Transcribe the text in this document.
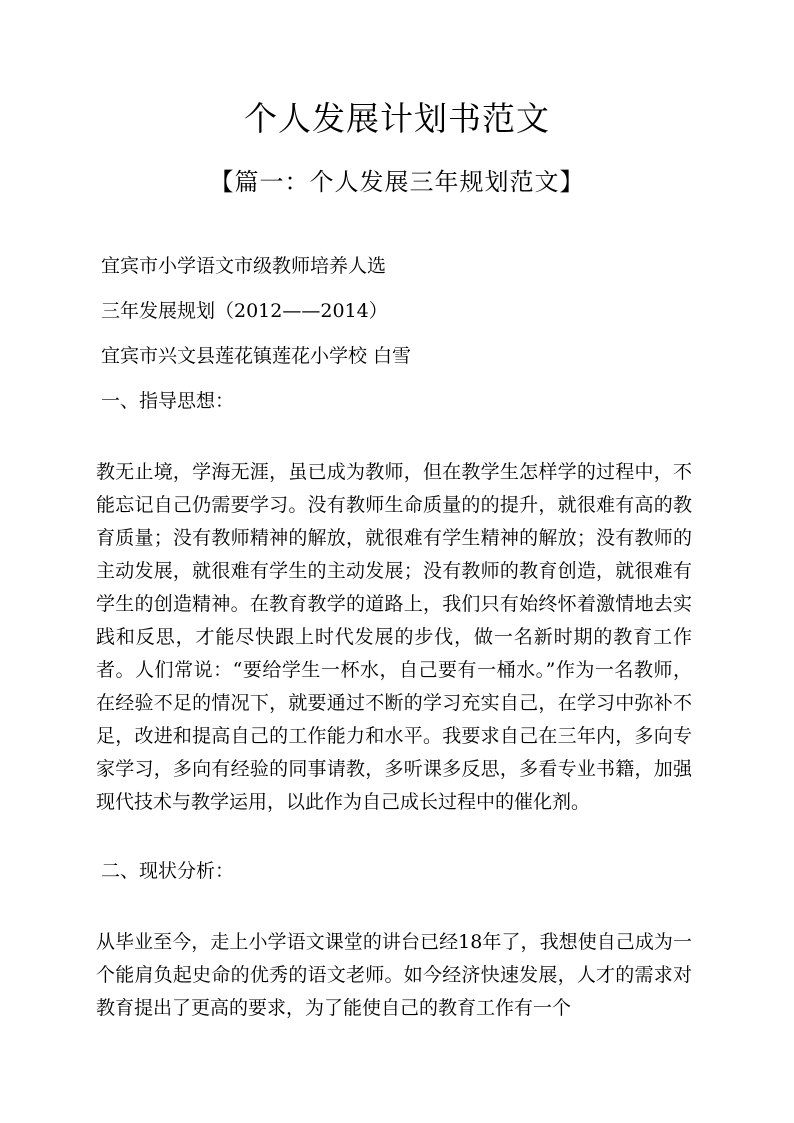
个人发展计划书范文
【篇一：个人发展三年规划范文】
宜宾市小学语文市级教师培养人选
三年发展规划（2012——2014）
宜宾市兴文县莲花镇莲花小学校 白雪
一、指导思想：
教无止境，学海无涯，虽已成为教师，但在教学生怎样学的过程中，不能忘记自己仍需要学习。没有教师生命质量的的提升，就很难有高的教育质量；没有教师精神的解放，就很难有学生精神的解放；没有教师的主动发展，就很难有学生的主动发展；没有教师的教育创造，就很难有学生的创造精神。在教育教学的道路上，我们只有始终怀着激情地去实践和反思，才能尽快跟上时代发展的步伐，做一名新时期的教育工作者。人们常说：“要给学生一杯水，自己要有一桶水。”作为一名教师，在经验不足的情况下，就要通过不断的学习充实自己，在学习中弥补不足，改进和提高自己的工作能力和水平。我要求自己在三年内，多向专家学习，多向有经验的同事请教，多听课多反思，多看专业书籍，加强现代技术与教学运用，以此作为自己成长过程中的催化剂。
二、现状分析：
从毕业至今，走上小学语文课堂的讲台已经18年了，我想使自己成为一个能肩负起史命的优秀的语文老师。如今经济快速发展，人才的需求对教育提出了更高的要求，为了能使自己的教育工作有一个
